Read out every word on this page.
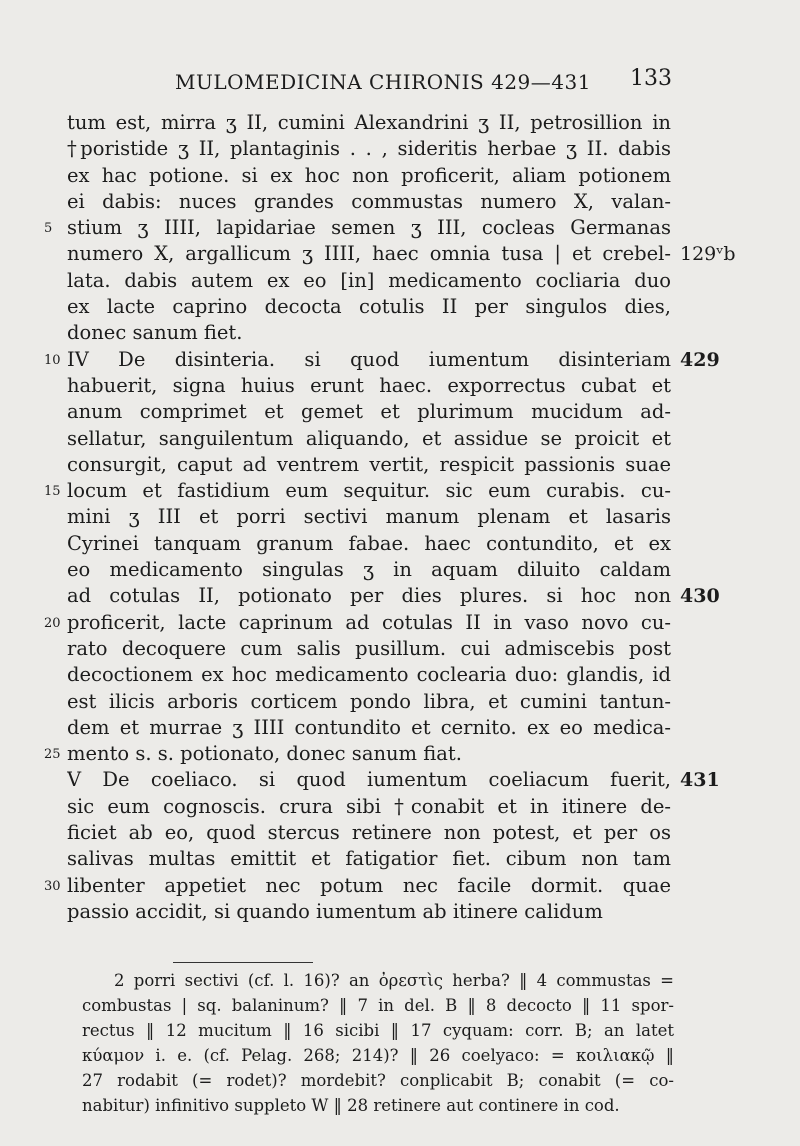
MULOMEDICINA CHIRONIS 429—431 133
tum est, mirra ʒ II, cumini Alexandrini ʒ II, petrosillion in
†poristide ʒ II, plantaginis . . , sideritis herbae ʒ II. dabis
ex hac potione. si ex hoc non proficerit, aliam potionem
ei dabis: nuces grandes commustas numero X, valan-
5 stium ʒ IIII, lapidariae semen ʒ III, cocleas Germanas
numero X, argallicum ʒ IIII, haec omnia tusa | et crebel- 129ᵛb
lata. dabis autem ex eo [in] medicamento cocliaria duo
ex lacte caprino decocta cotulis II per singulos dies,
donec sanum fiet.
10 IV De disinteria. si quod iumentum disinteriam 429
habuerit, signa huius erunt haec. exporrectus cubat et
anum comprimet et gemet et plurimum mucidum ad-
sellatur, sanguilentum aliquando, et assidue se proicit et
consurgit, caput ad ventrem vertit, respicit passionis suae
15 locum et fastidium eum sequitur. sic eum curabis. cu-
mini ʒ III et porri sectivi manum plenam et lasaris
Cyrinei tanquam granum fabae. haec contundito, et ex
eo medicamento singulas ʒ in aquam diluito caldam
ad cotulas II, potionato per dies plures. si hoc non 430
20 proficerit, lacte caprinum ad cotulas II in vaso novo cu-
rato decoquere cum salis pusillum. cui admiscebis post
decoctionem ex hoc medicamento coclearia duo: glandis, id
est ilicis arboris corticem pondo libra, et cumini tantun-
dem et murrae ʒ IIII contundito et cernito. ex eo medica-
25 mento s. s. potionato, donec sanum fiat.
V De coeliaco. si quod iumentum coeliacum fuerit, 431
sic eum cognoscis. crura sibi †conabit et in itinere de-
ficiet ab eo, quod stercus retinere non potest, et per os
salivas multas emittit et fatigatior fiet. cibum non tam
30 libenter appetiet nec potum nec facile dormit. quae
passio accidit, si quando iumentum ab itinere calidum
2 porri sectivi (cf. l. 16)? an ὀρεστὶς herba? ‖ 4 commustas =
combustas | sq. balaninum? ‖ 7 in del. B ‖ 8 decocto ‖ 11 spor-
rectus ‖ 12 mucitum ‖ 16 sicibi ‖ 17 cyquam: corr. B; an latet
κύαμον i. e. (cf. Pelag. 268; 214)? ‖ 26 coelyaco: = κοιλιακῷ ‖
27 rodabit (= rodet)? mordebit? conplicabit B; conabit (= co-
nabitur) infinitivo suppleto W ‖ 28 retinere aut continere in cod.
